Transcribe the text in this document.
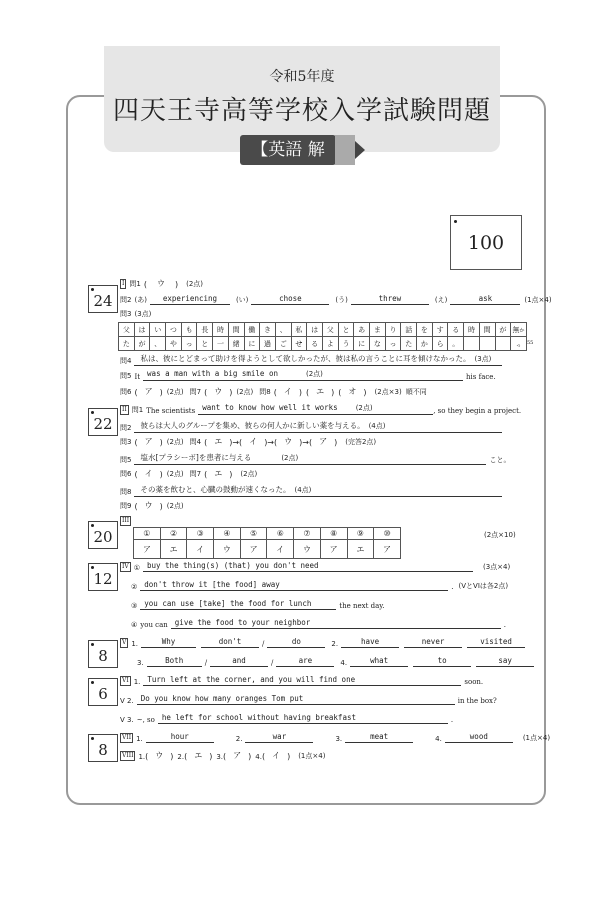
令和5年度
四天王寺高等学校入学試験問題
【英語 解答】
100
24
I 問1 (	ウ	) (2点)
問2 (あ)	experiencing	(い)	chose	(う)	threw	(え)	ask	(1点×4)
問3 (3点)
父	は	い	つ	も	長	時	間	働	き	、	私	は	父	と	あ	ま	り	話	を	す	る	時	間	が 無かっ
た	が	、	や	っ	と	一	緒	に	過	ご	せ	る	よ	う	に	な	っ	た	か	ら	。	55
問4	私は、彼にとどまって助けを得ようとして欲しかったが、彼は私の言うことに耳を傾けなかった。 (3点)
問5 It was a man with a big smile on	(2点)	his face.
問6 ( ア ) (2点) 問7 ( ウ ) (2点) 問8 ( イ ) ( エ ) ( オ ) (2点×3) 順不同
22
II 問1 The scientists want to know how well it works	(2点)	, so they begin a project.
問2	彼らは大人のグループを集め、彼らの何人かに新しい薬を与える。 (4点)
問3 ( ア ) (2点) 問4 ( エ )→( イ )→( ウ )→( ア ) (完答2点)
問5	塩水[プラシーボ]を患者に与える	(2点)	こと。
問6 ( イ ) (2点) 問7 ( エ ) (2点)
問8	その薬を飲むと、心臓の鼓動が速くなった。 (4点)
問9 ( ウ ) (2点)
20
III
①	②	③	④	⑤	⑥	⑦	⑧	⑨	⑩
ア	エ	イ	ウ	ア	イ	ウ	ア	エ	ア
(2点×10)
12
IV ① buy the thing(s) (that) you don't need	(3点×4)
② don't throw it [the food] away	. (VとVIは各2点)
③ you can use [take] the food for lunch	the next day.
④ you can give the food to your neighbor	.
8
V 1.	Why	don't	/	do	2.	have	never	visited
3.	Both	/	and	/	are	4.	what	to	say
6
VI 1. Turn left at the corner, and you will find one	soon.
V 2. Do you know how many oranges Tom put	in the box?
V 3. ~, so he left for school without having breakfast	.
8
VII 1.	hour	2.	war	3.	meat	4.	wood	(1点×4)
VIII 1. ( ウ ) 2. ( エ ) 3. ( ア ) 4. ( イ ) (1点×4)
